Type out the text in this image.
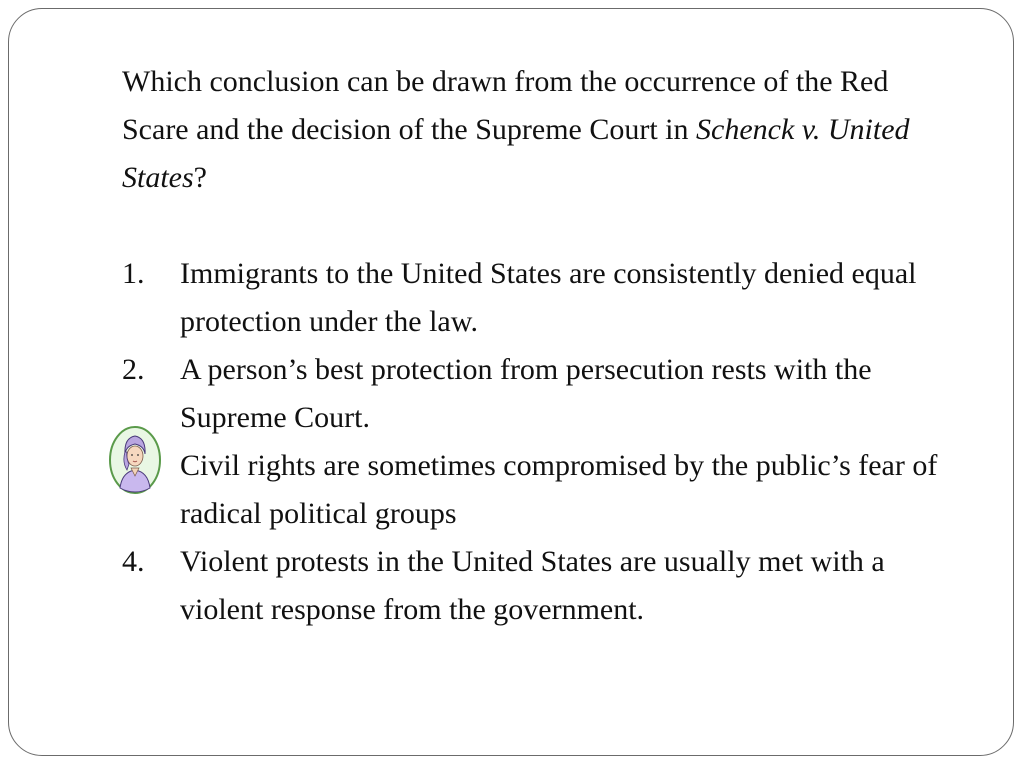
Which conclusion can be drawn from the occurrence of the Red Scare and the decision of the Supreme Court in Schenck v. United States?

1. Immigrants to the United States are consistently denied equal protection under the law.
2. A person’s best protection from persecution rests with the Supreme Court.
Civil rights are sometimes compromised by the public’s fear of radical political groups
4. Violent protests in the United States are usually met with a violent response from the government.
